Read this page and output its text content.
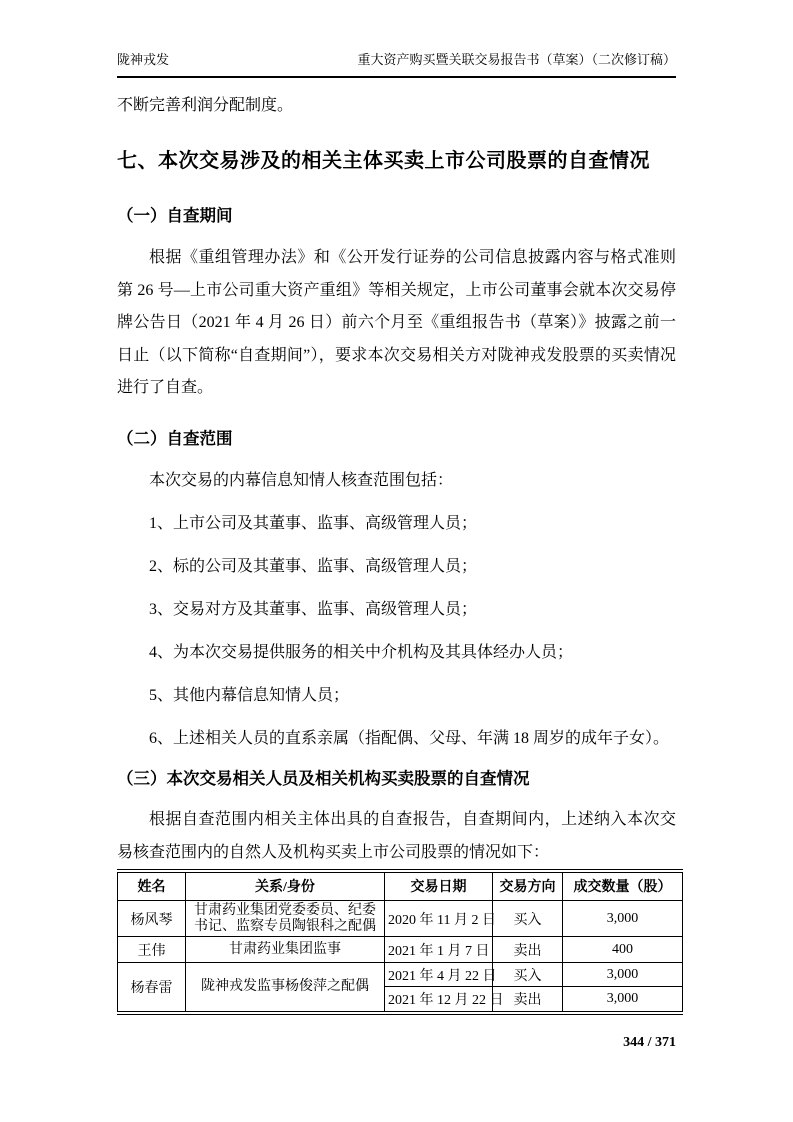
陇神戎发	重大资产购买暨关联交易报告书（草案）（二次修订稿）

不断完善利润分配制度。

七、本次交易涉及的相关主体买卖上市公司股票的自查情况
（一）自查期间

根据《重组管理办法》和《公开发行证券的公司信息披露内容与格式准则第 26 号—上市公司重大资产重组》等相关规定，上市公司董事会就本次交易停牌公告日（2021 年 4 月 26 日）前六个月至《重组报告书（草案）》披露之前一日止（以下简称“自查期间”），要求本次交易相关方对陇神戎发股票的买卖情况进行了自查。

（二）自查范围

本次交易的内幕信息知情人核查范围包括：

1、上市公司及其董事、监事、高级管理人员；

2、标的公司及其董事、监事、高级管理人员；

3、交易对方及其董事、监事、高级管理人员；

4、为本次交易提供服务的相关中介机构及其具体经办人员；

5、其他内幕信息知情人员；

6、上述相关人员的直系亲属（指配偶、父母、年满 18 周岁的成年子女）。

（三）本次交易相关人员及相关机构买卖股票的自查情况

根据自查范围内相关主体出具的自查报告，自查期间内，上述纳入本次交易核查范围内的自然人及机构买卖上市公司股票的情况如下：

姓名	关系/身份	交易日期	交易方向	成交数量（股）
杨风琴	甘肃药业集团党委委员、纪委书记、监察专员陶银科之配偶	2020 年 11 月 2 日	买入	3,000
王伟	甘肃药业集团监事	2021 年 1 月 7 日	卖出	400
杨春雷	陇神戎发监事杨俊萍之配偶	2021 年 4 月 22 日	买入	3,000
		2021 年 12 月 22 日	卖出	3,000
344 / 371
